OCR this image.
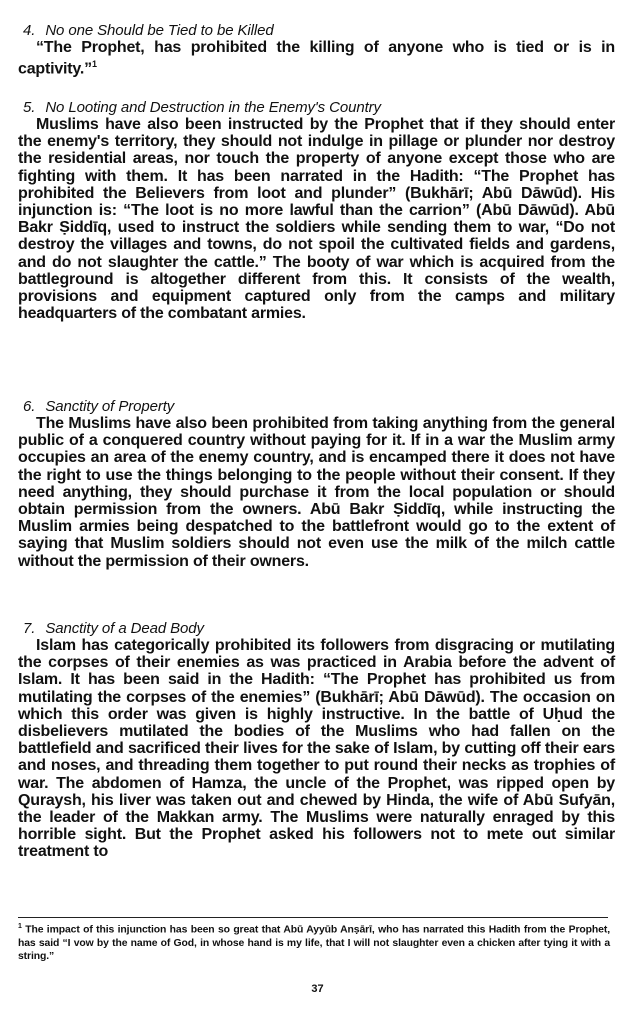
4. No one Should be Tied to be Killed

“The Prophet, has prohibited the killing of anyone who is tied or is in captivity.”$^1$

5. No Looting and Destruction in the Enemy's Country

Muslims have also been instructed by the Prophet that if they should enter the enemy's territory, they should not indulge in pillage or plunder nor destroy the residential areas, nor touch the property of anyone except those who are fighting with them. It has been narrated in the Hadith: “The Prophet has prohibited the Believers from loot and plunder” (Bukhārī; Abū Dāwūd). His injunction is: “The loot is no more lawful than the carrion” (Abū Dāwūd). Abū Bakr Ṣiddīq, used to instruct the soldiers while sending them to war, “Do not destroy the villages and towns, do not spoil the cultivated fields and gardens, and do not slaughter the cattle.” The booty of war which is acquired from the battleground is altogether different from this. It consists of the wealth, provisions and equipment captured only from the camps and military headquarters of the combatant armies.

6. Sanctity of Property

The Muslims have also been prohibited from taking anything from the general public of a conquered country without paying for it. If in a war the Muslim army occupies an area of the enemy country, and is encamped there it does not have the right to use the things belonging to the people without their consent. If they need anything, they should purchase it from the local population or should obtain permission from the owners. Abū Bakr Ṣiddīq, while instructing the Muslim armies being despatched to the battlefront would go to the extent of saying that Muslim soldiers should not even use the milk of the milch cattle without the permission of their owners.

7. Sanctity of a Dead Body

Islam has categorically prohibited its followers from disgracing or mutilating the corpses of their enemies as was practiced in Arabia before the advent of Islam. It has been said in the Hadith: “The Prophet has prohibited us from mutilating the corpses of the enemies” (Bukhārī; Abū Dāwūd). The occasion on which this order was given is highly instructive. In the battle of Uḥud the disbelievers mutilated the bodies of the Muslims who had fallen on the battlefield and sacrificed their lives for the sake of Islam, by cutting off their ears and noses, and threading them together to put round their necks as trophies of war. The abdomen of Hamza, the uncle of the Prophet, was ripped open by Quraysh, his liver was taken out and chewed by Hinda, the wife of Abū Sufyān, the leader of the Makkan army. The Muslims were naturally enraged by this horrible sight. But the Prophet asked his followers not to mete out similar treatment to

$^1$ The impact of this injunction has been so great that Abū Ayyūb Anṣārī, who has narrated this Hadith from the Prophet, has said “I vow by the name of God, in whose hand is my life, that I will not slaughter even a chicken after tying it with a string.”

37
